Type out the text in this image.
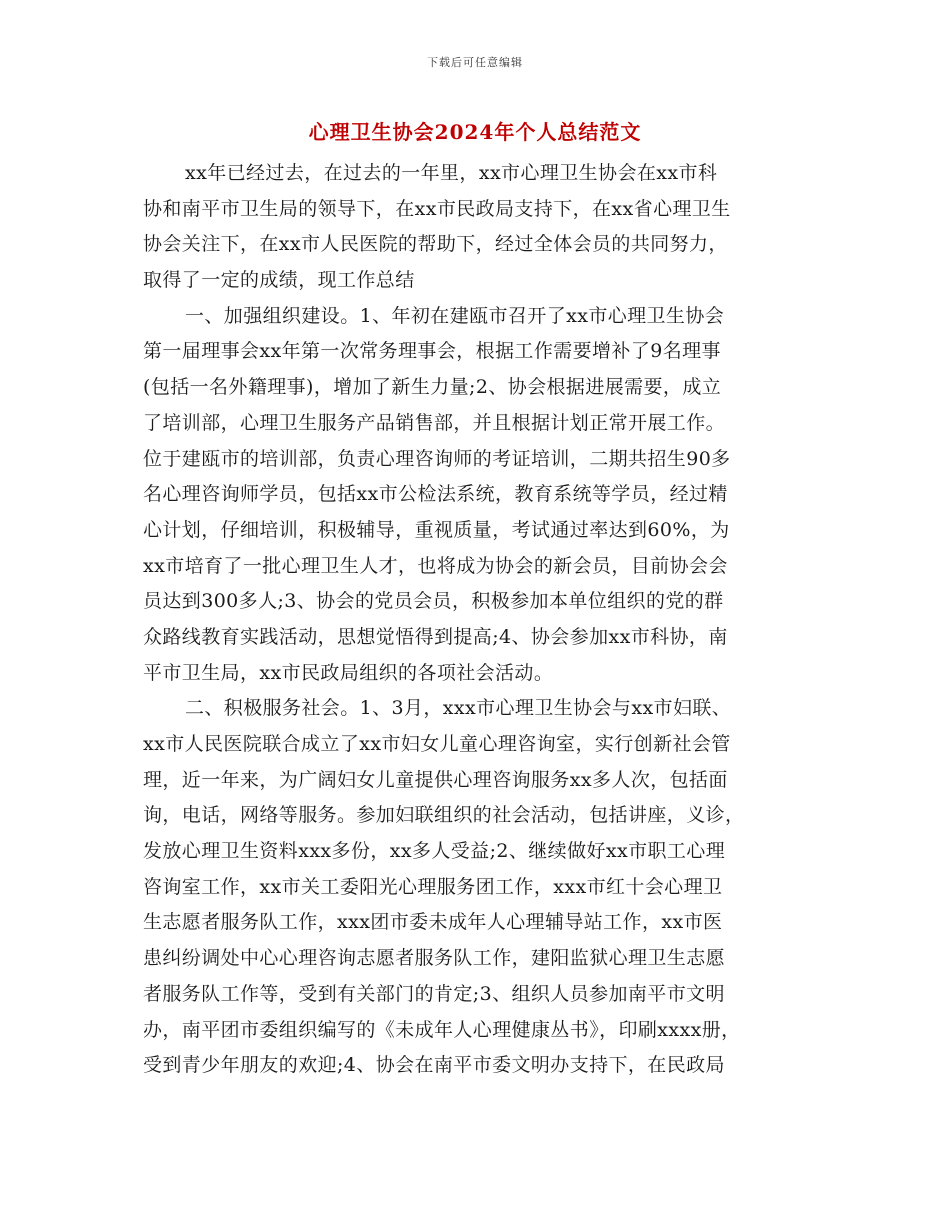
下载后可任意编辑
心理卫生协会2024年个人总结范文
xx年已经过去，在过去的一年里，xx市心理卫生协会在xx市科
协和南平市卫生局的领导下，在xx市民政局支持下，在xx省心理卫生
协会关注下，在xx市人民医院的帮助下，经过全体会员的共同努力，
取得了一定的成绩，现工作总结
一、加强组织建设。1、年初在建瓯市召开了xx市心理卫生协会
第一届理事会xx年第一次常务理事会，根据工作需要增补了9名理事
(包括一名外籍理事)，增加了新生力量;2、协会根据进展需要，成立
了培训部，心理卫生服务产品销售部，并且根据计划正常开展工作。
位于建瓯市的培训部，负责心理咨询师的考证培训，二期共招生90多
名心理咨询师学员，包括xx市公检法系统，教育系统等学员，经过精
心计划，仔细培训，积极辅导，重视质量，考试通过率达到60%，为
xx市培育了一批心理卫生人才，也将成为协会的新会员，目前协会会
员达到300多人;3、协会的党员会员，积极参加本单位组织的党的群
众路线教育实践活动，思想觉悟得到提高;4、协会参加xx市科协，南
平市卫生局，xx市民政局组织的各项社会活动。
二、积极服务社会。1、3月，xxx市心理卫生协会与xx市妇联、
xx市人民医院联合成立了xx市妇女儿童心理咨询室，实行创新社会管
理，近一年来，为广阔妇女儿童提供心理咨询服务xx多人次，包括面
询，电话，网络等服务。参加妇联组织的社会活动，包括讲座，义诊，
发放心理卫生资料xxx多份，xx多人受益;2、继续做好xx市职工心理
咨询室工作，xx市关工委阳光心理服务团工作，xxx市红十会心理卫
生志愿者服务队工作，xxx团市委未成年人心理辅导站工作，xx市医
患纠纷调处中心心理咨询志愿者服务队工作，建阳监狱心理卫生志愿
者服务队工作等，受到有关部门的肯定;3、组织人员参加南平市文明
办，南平团市委组织编写的《未成年人心理健康丛书》，印刷xxxx册，
受到青少年朋友的欢迎;4、协会在南平市委文明办支持下，在民政局
